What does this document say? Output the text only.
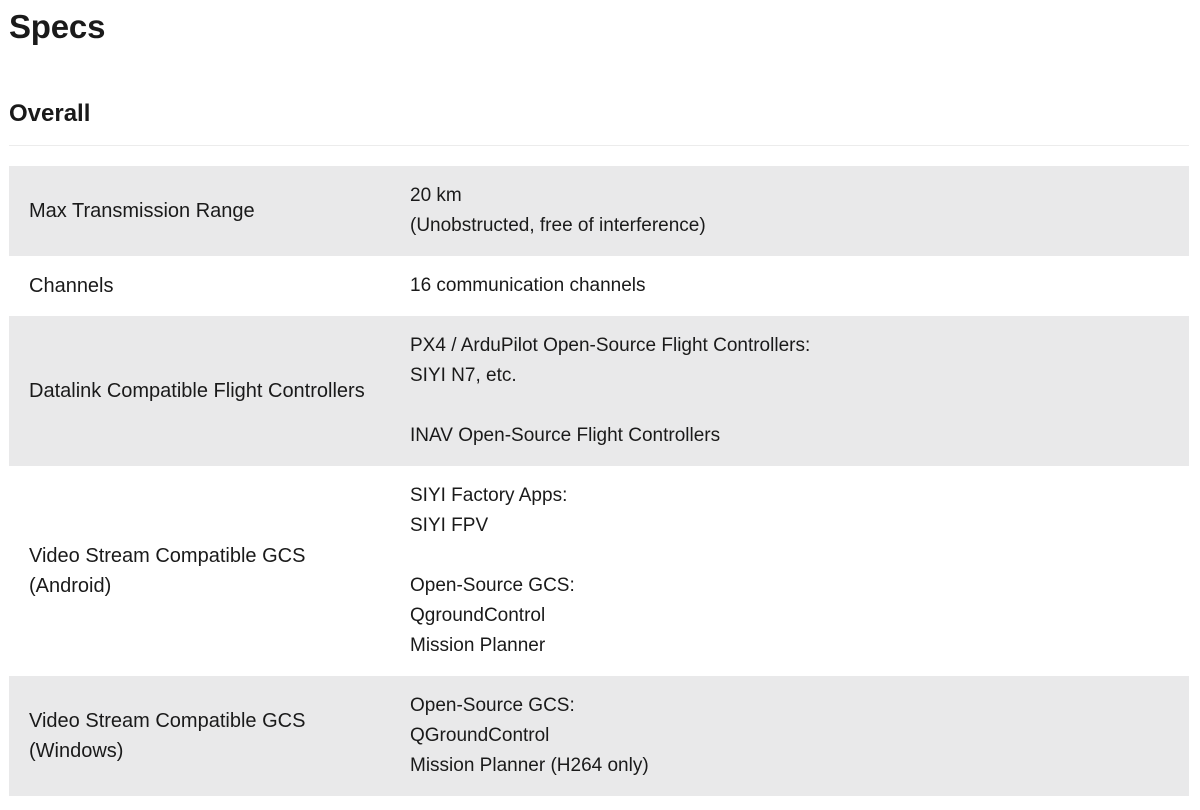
Specs
Overall
Max Transmission Range
20 km
(Unobstructed, free of interference)
Channels	16 communication channels
Datalink Compatible Flight Controllers
PX4 / ArduPilot Open-Source Flight Controllers:
SIYI N7, etc.
INAV Open-Source Flight Controllers
Video Stream Compatible GCS
(Android)
SIYI Factory Apps:
SIYI FPV
Open-Source GCS:
QgroundControl
Mission Planner
Video Stream Compatible GCS
(Windows)
Open-Source GCS:
QGroundControl
Mission Planner (H264 only)
